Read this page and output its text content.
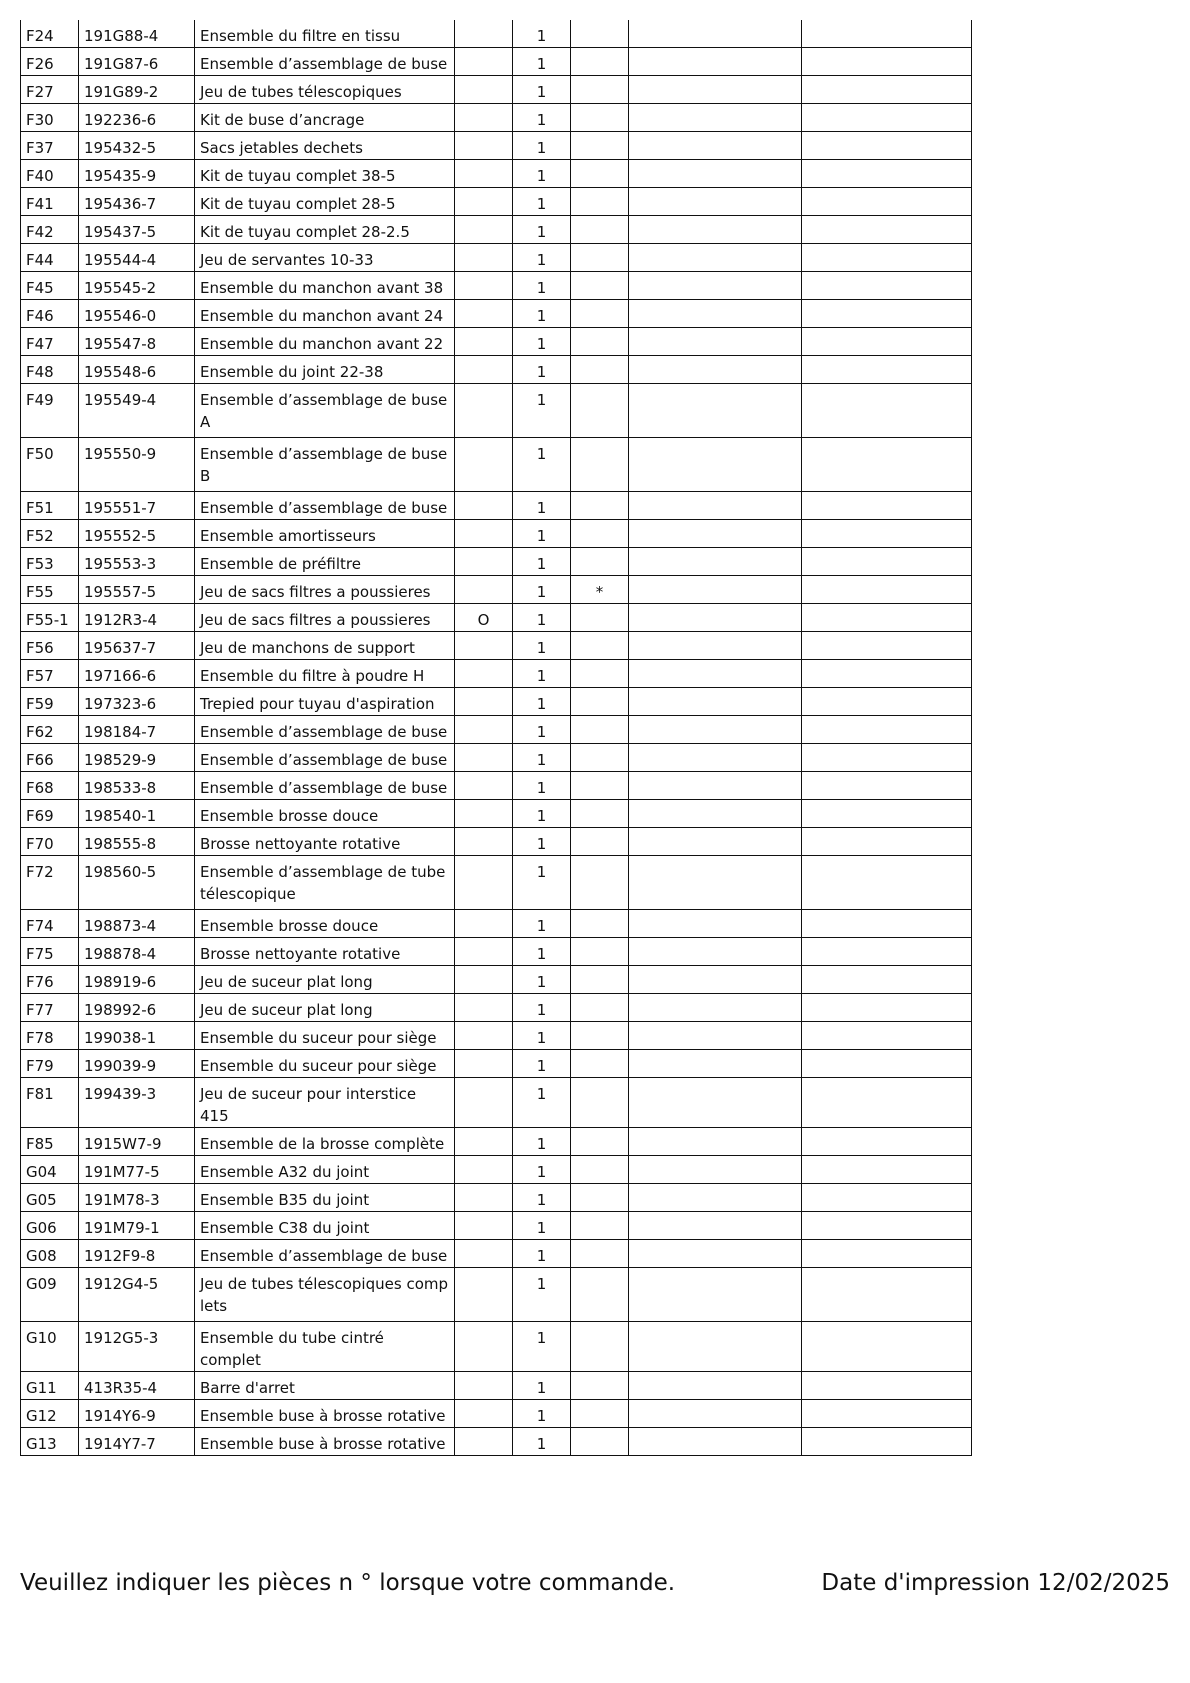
F24	191G88-4	Ensemble du filtre en tissu		1			
F26	191G87-6	Ensemble d’assemblage de buse		1			
F27	191G89-2	Jeu de tubes télescopiques		1			
F30	192236-6	Kit de buse d’ancrage		1			
F37	195432-5	Sacs jetables dechets		1			
F40	195435-9	Kit de tuyau complet 38-5		1			
F41	195436-7	Kit de tuyau complet 28-5		1			
F42	195437-5	Kit de tuyau complet 28-2.5		1			
F44	195544-4	Jeu de servantes 10-33		1			
F45	195545-2	Ensemble du manchon avant 38		1			
F46	195546-0	Ensemble du manchon avant 24		1			
F47	195547-8	Ensemble du manchon avant 22		1			
F48	195548-6	Ensemble du joint 22-38		1			
F49	195549-4	Ensemble d’assemblage de buse A		1			
F50	195550-9	Ensemble d’assemblage de buse B		1			
F51	195551-7	Ensemble d’assemblage de buse		1			
F52	195552-5	Ensemble amortisseurs		1			
F53	195553-3	Ensemble de préfiltre		1			
F55	195557-5	Jeu de sacs filtres a poussieres		1	*		
F55-1	1912R3-4	Jeu de sacs filtres a poussieres	O	1			
F56	195637-7	Jeu de manchons de support		1			
F57	197166-6	Ensemble du filtre à poudre H		1			
F59	197323-6	Trepied pour tuyau d'aspiration		1			
F62	198184-7	Ensemble d’assemblage de buse		1			
F66	198529-9	Ensemble d’assemblage de buse		1			
F68	198533-8	Ensemble d’assemblage de buse		1			
F69	198540-1	Ensemble brosse douce		1			
F70	198555-8	Brosse nettoyante rotative		1			
F72	198560-5	Ensemble d’assemblage de tube télescopique		1			
F74	198873-4	Ensemble brosse douce		1			
F75	198878-4	Brosse nettoyante rotative		1			
F76	198919-6	Jeu de suceur plat long		1			
F77	198992-6	Jeu de suceur plat long		1			
F78	199038-1	Ensemble du suceur pour siège		1			
F79	199039-9	Ensemble du suceur pour siège		1			
F81	199439-3	Jeu de suceur pour interstice 415		1			
F85	1915W7-9	Ensemble de la brosse complète		1			
G04	191M77-5	Ensemble A32 du joint		1			
G05	191M78-3	Ensemble B35 du joint		1			
G06	191M79-1	Ensemble C38 du joint		1			
G08	1912F9-8	Ensemble d’assemblage de buse		1			
G09	1912G4-5	Jeu de tubes télescopiques comp lets		1			
G10	1912G5-3	Ensemble du tube cintré complet		1			
G11	413R35-4	Barre d'arret		1			
G12	1914Y6-9	Ensemble buse à brosse rotative		1			
G13	1914Y7-7	Ensemble buse à brosse rotative		1			
Veuillez indiquer les pièces n ° lorsque votre commande.	Date d'impression 12/02/2025
